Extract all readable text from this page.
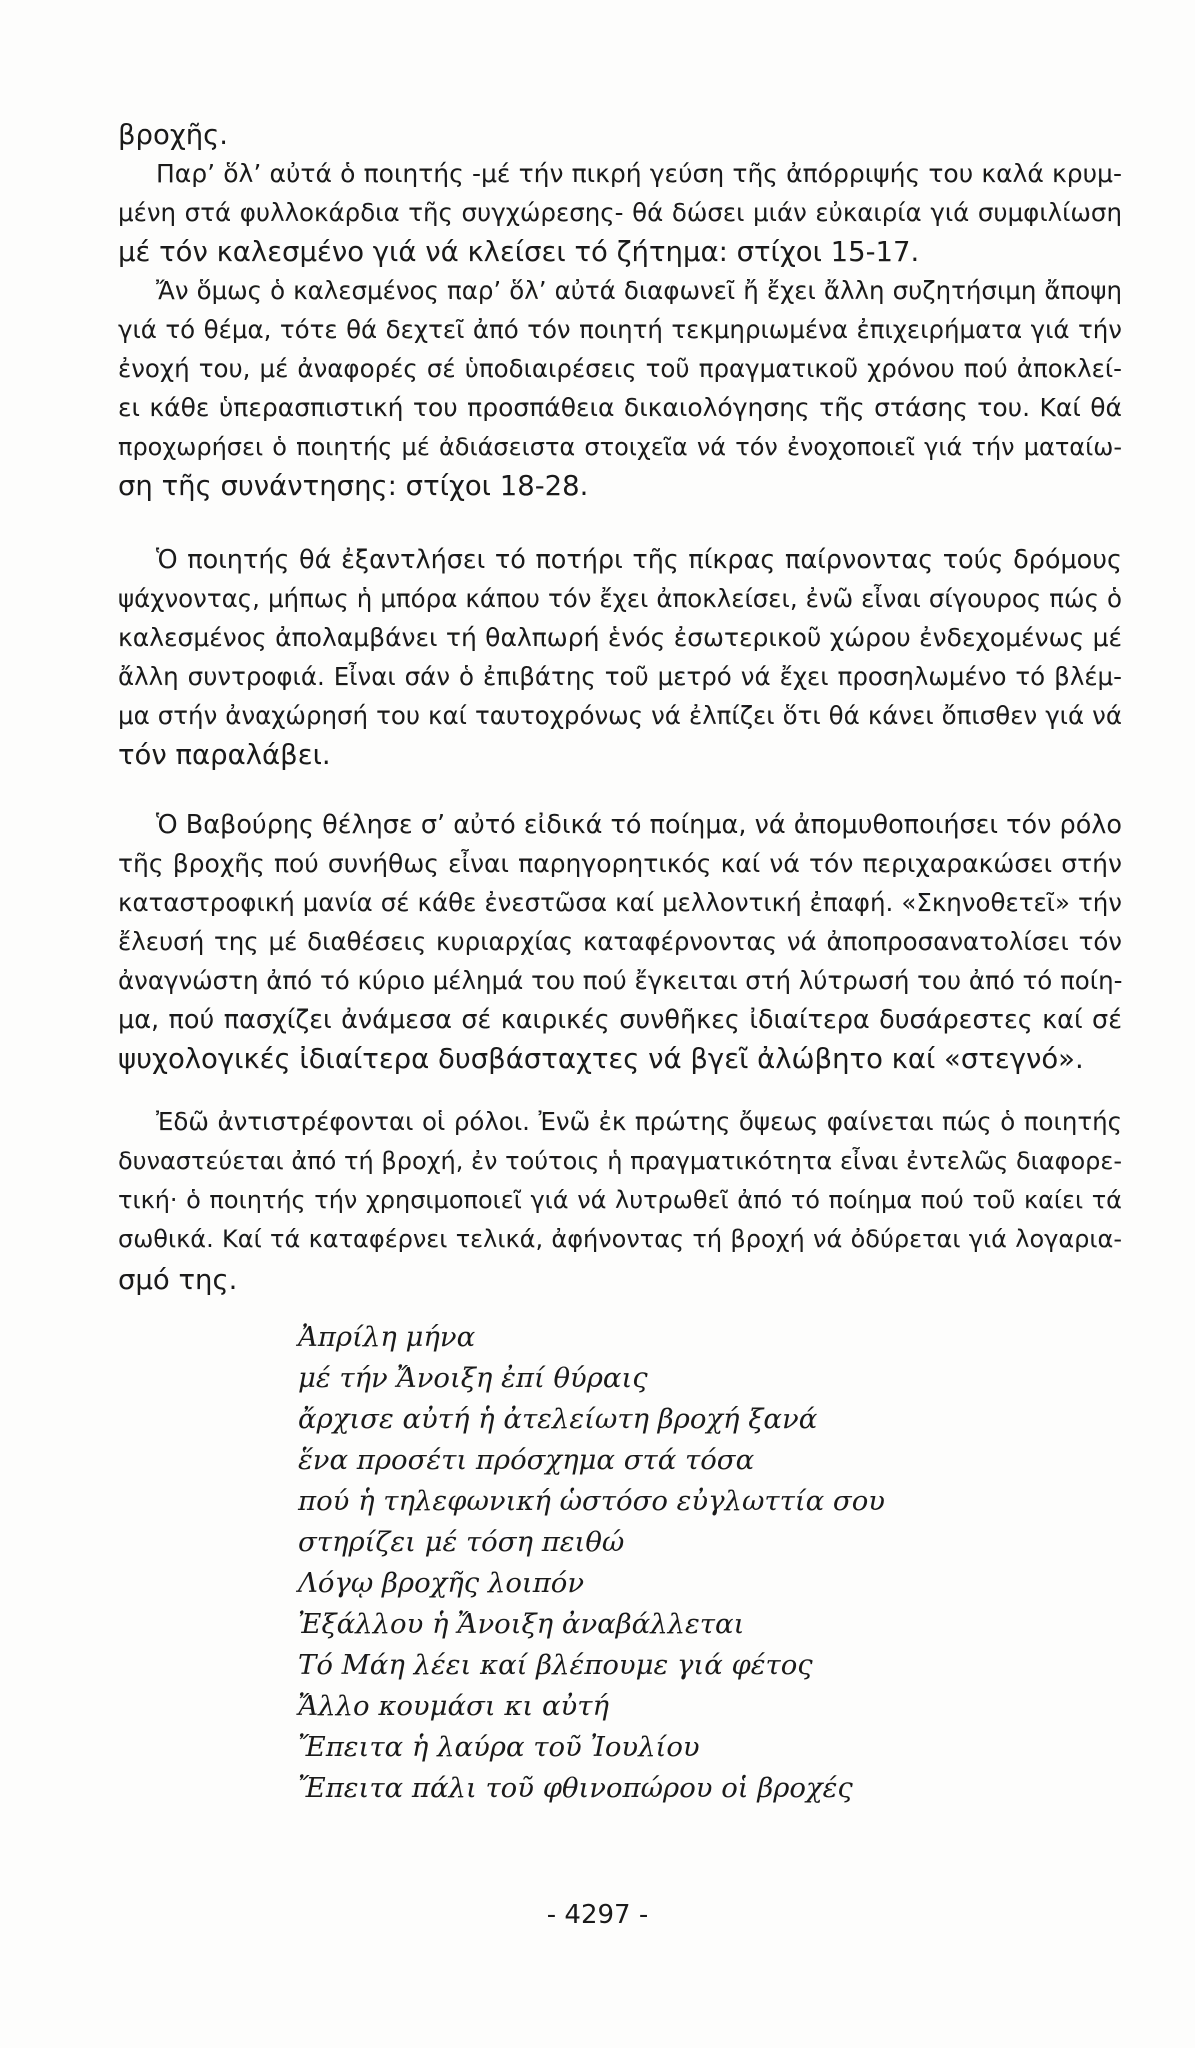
βροχῆς.
Παρ’ ὅλ’ αὐτά ὁ ποιητής -μέ τήν πικρή γεύση τῆς ἀπόρριψής του καλά κρυμ-
μένη στά φυλλοκάρδια τῆς συγχώρεσης- θά δώσει μιάν εὐκαιρία γιά συμφιλίωση
μέ τόν καλεσμένο γιά νά κλείσει τό ζήτημα: στίχοι 15-17.
Ἄν ὅμως ὁ καλεσμένος παρ’ ὅλ’ αὐτά διαφωνεῖ ἤ ἔχει ἄλλη συζητήσιμη ἄποψη
γιά τό θέμα, τότε θά δεχτεῖ ἀπό τόν ποιητή τεκμηριωμένα ἐπιχειρήματα γιά τήν
ἐνοχή του, μέ ἀναφορές σέ ὑποδιαιρέσεις τοῦ πραγματικοῦ χρόνου πού ἀποκλεί-
ει κάθε ὑπερασπιστική του προσπάθεια δικαιολόγησης τῆς στάσης του. Καί θά
προχωρήσει ὁ ποιητής μέ ἀδιάσειστα στοιχεῖα νά τόν ἐνοχοποιεῖ γιά τήν ματαίω-
ση τῆς συνάντησης: στίχοι 18-28.
Ὁ ποιητής θά ἐξαντλήσει τό ποτήρι τῆς πίκρας παίρνοντας τούς δρόμους
ψάχνοντας, μήπως ἡ μπόρα κάπου τόν ἔχει ἀποκλείσει, ἐνῶ εἶναι σίγουρος πώς ὁ
καλεσμένος ἀπολαμβάνει τή θαλπωρή ἑνός ἐσωτερικοῦ χώρου ἐνδεχομένως μέ
ἄλλη συντροφιά. Εἶναι σάν ὁ ἐπιβάτης τοῦ μετρό νά ἔχει προσηλωμένο τό βλέμ-
μα στήν ἀναχώρησή του καί ταυτοχρόνως νά ἐλπίζει ὅτι θά κάνει ὄπισθεν γιά νά
τόν παραλάβει.
Ὁ Βαβούρης θέλησε σ’ αὐτό εἰδικά τό ποίημα, νά ἀπομυθοποιήσει τόν ρόλο
τῆς βροχῆς πού συνήθως εἶναι παρηγορητικός καί νά τόν περιχαρακώσει στήν
καταστροφική μανία σέ κάθε ἐνεστῶσα καί μελλοντική ἐπαφή. «Σκηνοθετεῖ» τήν
ἔλευσή της μέ διαθέσεις κυριαρχίας καταφέρνοντας νά ἀποπροσανατολίσει τόν
ἀναγνώστη ἀπό τό κύριο μέλημά του πού ἔγκειται στή λύτρωσή του ἀπό τό ποίη-
μα, πού πασχίζει ἀνάμεσα σέ καιρικές συνθῆκες ἰδιαίτερα δυσάρεστες καί σέ
ψυχολογικές ἰδιαίτερα δυσβάσταχτες νά βγεῖ ἀλώβητο καί «στεγνό».
Ἐδῶ ἀντιστρέφονται οἱ ρόλοι. Ἐνῶ ἐκ πρώτης ὄψεως φαίνεται πώς ὁ ποιητής
δυναστεύεται ἀπό τή βροχή, ἐν τούτοις ἡ πραγματικότητα εἶναι ἐντελῶς διαφορε-
τική· ὁ ποιητής τήν χρησιμοποιεῖ γιά νά λυτρωθεῖ ἀπό τό ποίημα πού τοῦ καίει τά
σωθικά. Καί τά καταφέρνει τελικά, ἀφήνοντας τή βροχή νά ὀδύρεται γιά λογαρια-
σμό της.
Ἀπρίλη μήνα
μέ τήν Ἄνοιξη ἐπί θύραις
ἄρχισε αὐτή ἡ ἀτελείωτη βροχή ξανά
ἕνα προσέτι πρόσχημα στά τόσα
πού ἡ τηλεφωνική ὡστόσο εὐγλωττία σου
στηρίζει μέ τόση πειθώ
Λόγῳ βροχῆς λοιπόν
Ἐξάλλου ἡ Ἄνοιξη ἀναβάλλεται
Τό Μάη λέει καί βλέπουμε γιά φέτος
Ἄλλο κουμάσι κι αὐτή
Ἔπειτα ἡ λαύρα τοῦ Ἰουλίου
Ἔπειτα πάλι τοῦ φθινοπώρου οἱ βροχές
- 4297 -
